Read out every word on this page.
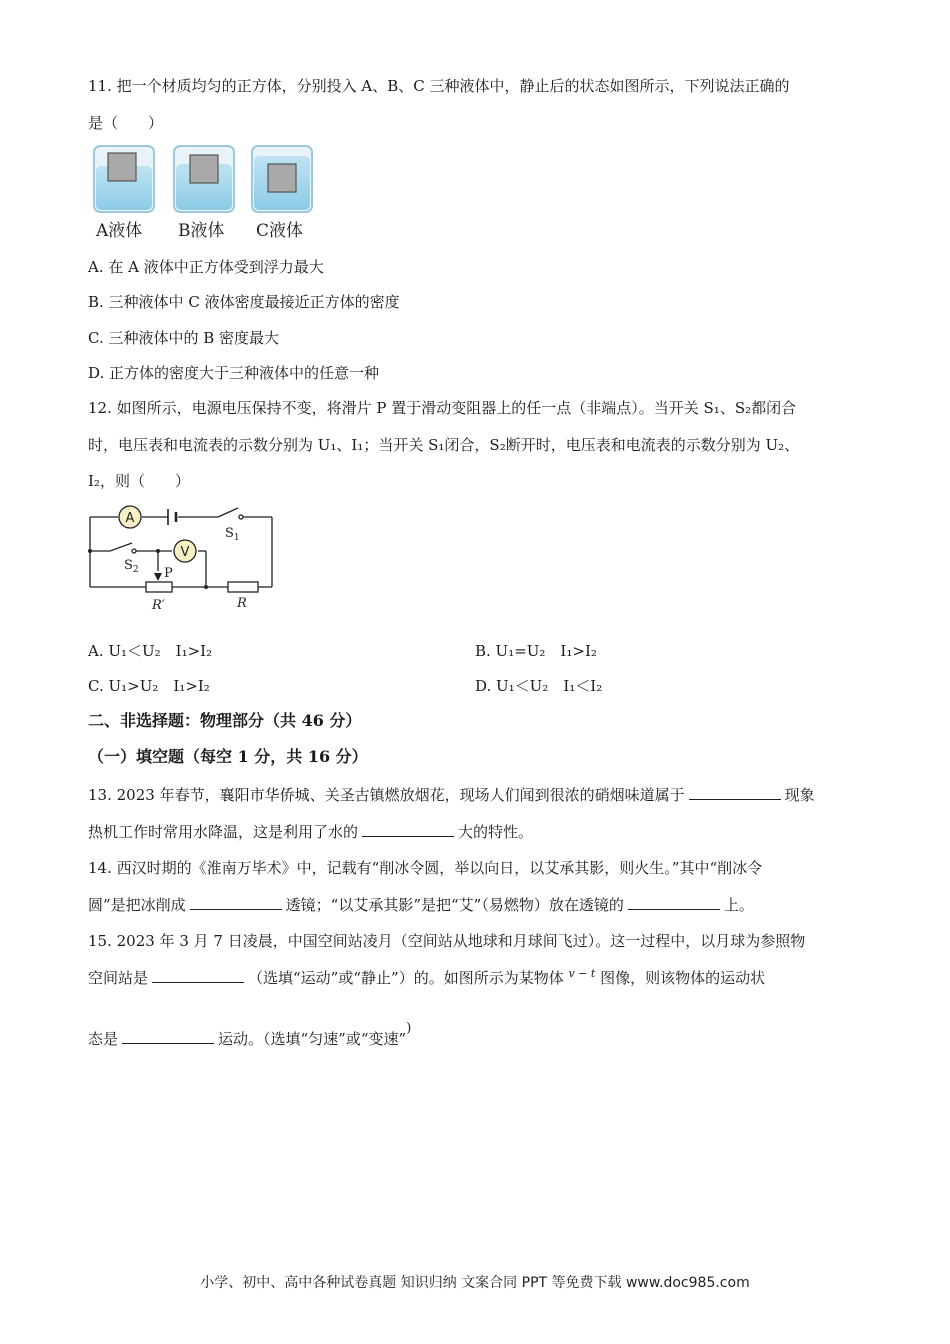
11. 把一个材质均匀的正方体，分别投入 A、B、C 三种液体中，静止后的状态如图所示，下列说法正确的
是（　　）
A液体 B液体 C液体
A. 在 A 液体中正方体受到浮力最大
B. 三种液体中 C 液体密度最接近正方体的密度
C. 三种液体中的 B 密度最大
D. 正方体的密度大于三种液体中的任意一种
12. 如图所示，电源电压保持不变，将滑片 P 置于滑动变阻器上的任一点（非端点）。当开关 S₁、S₂都闭合
时，电压表和电流表的示数分别为 U₁、I₁；当开关 S₁闭合，S₂断开时，电压表和电流表的示数分别为 U₂、
I₂，则（　　）
A
V
$S_1$
$S_2$ P
R′	R
A. U₁＜U₂　I₁>I₂	B. U₁=U₂　I₁>I₂
C. U₁>U₂　I₁>I₂	D. U₁＜U₂　I₁＜I₂
二、非选择题：物理部分（共 46 分）
（一）填空题（每空 1 分，共 16 分）
13. 2023 年春节，襄阳市华侨城、关圣古镇燃放烟花，现场人们闻到很浓的硝烟味道属于	现象
热机工作时常用水降温，这是利用了水的	大的特性。
14. 西汉时期的《淮南万毕术》中，记载有“削冰令圆，举以向日，以艾承其影，则火生。”其中“削冰令
圆”是把冰削成	透镜；“以艾承其影”是把“艾”（易燃物）放在透镜的	上。
15. 2023 年 3 月 7 日凌晨，中国空间站凌月（空间站从地球和月球间飞过）。这一过程中，以月球为参照物
空间站是	（选填“运动”或“静止”）的。如图所示为某物体 $^{v - t}$ 图像，则该物体的运动状
态是	运动。（选填“匀速”或“变速”)
小学、初中、高中各种试卷真题 知识归纳 文案合同 PPT 等免费下载 www.doc985.com
